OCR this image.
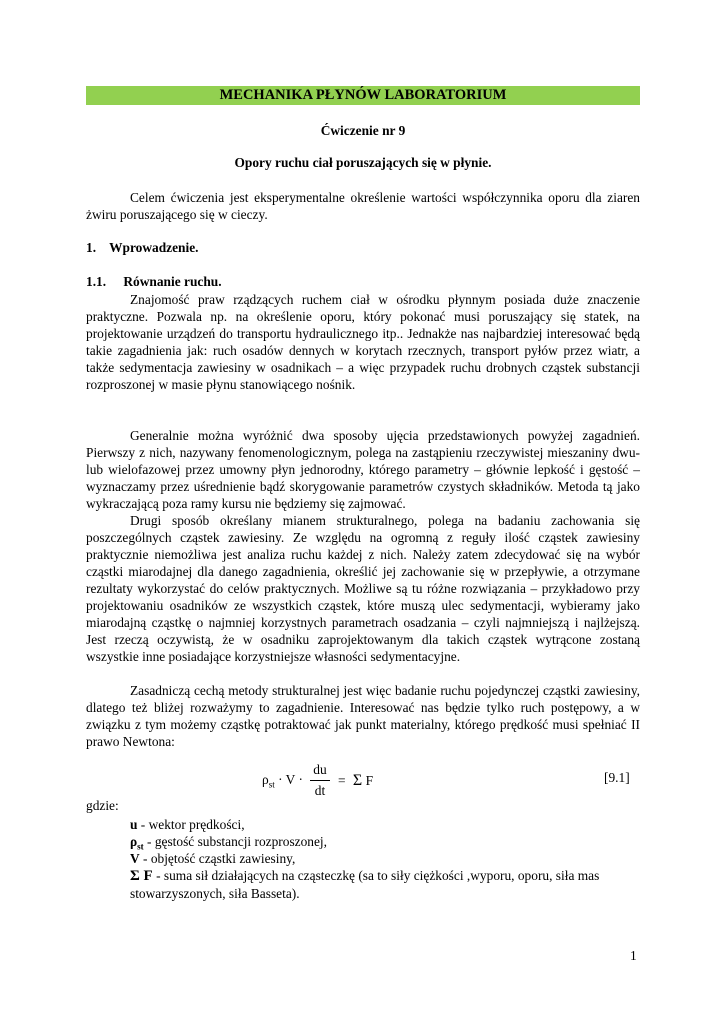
MECHANIKA PŁYNÓW LABORATORIUM
Ćwiczenie nr 9
Opory ruchu ciał poruszających się w płynie.

Celem ćwiczenia jest eksperymentalne określenie wartości współczynnika oporu dla ziaren żwiru poruszającego się w cieczy.

1. Wprowadzenie.
1.1. Równanie ruchu.

Znajomość praw rządzących ruchem ciał w ośrodku płynnym posiada duże znaczenie praktyczne. Pozwala np. na określenie oporu, który pokonać musi poruszający się statek, na projektowanie urządzeń do transportu hydraulicznego itp.. Jednakże nas najbardziej interesować będą takie zagadnienia jak: ruch osadów dennych w korytach rzecznych, transport pyłów przez wiatr, a także sedymentacja zawiesiny w osadnikach – a więc przypadek ruchu drobnych cząstek substancji rozproszonej w masie płynu stanowiącego nośnik.

Generalnie można wyróżnić dwa sposoby ujęcia przedstawionych powyżej zagadnień. Pierwszy z nich, nazywany fenomenologicznym, polega na zastąpieniu rzeczywistej mieszaniny dwu- lub wielofazowej przez umowny płyn jednorodny, którego parametry – głównie lepkość i gęstość – wyznaczamy przez uśrednienie bądź skorygowanie parametrów czystych składników. Metoda tą jako wykraczającą poza ramy kursu nie będziemy się zajmować.

Drugi sposób określany mianem strukturalnego, polega na badaniu zachowania się poszczególnych cząstek zawiesiny. Ze względu na ogromną z reguły ilość cząstek zawiesiny praktycznie niemożliwa jest analiza ruchu każdej z nich. Należy zatem zdecydować się na wybór cząstki miarodajnej dla danego zagadnienia, określić jej zachowanie się w przepływie, a otrzymane rezultaty wykorzystać do celów praktycznych. Możliwe są tu różne rozwiązania – przykładowo przy projektowaniu osadników ze wszystkich cząstek, które muszą ulec sedymentacji, wybieramy jako miarodajną cząstkę o najmniej korzystnych parametrach osadzania – czyli najmniejszą i najlżejszą. Jest rzeczą oczywistą, że w osadniku zaprojektowanym dla takich cząstek wytrącone zostaną wszystkie inne posiadające korzystniejsze własności sedymentacyjne.

Zasadniczą cechą metody strukturalnej jest więc badanie ruchu pojedynczej cząstki zawiesiny, dlatego też bliżej rozważymy to zagadnienie. Interesować nas będzie tylko ruch postępowy, a w związku z tym możemy cząstkę potraktować jak punkt materialny, którego prędkość musi spełniać II prawo Newtona:

$\rho_{st} \cdot V$ ·
du
dt
= Σ F	[9.1]
gdzie:
u - wektor prędkości,
$\rho_{st}$ - gęstość substancji rozproszonej,
V - objętość cząstki zawiesiny,
Σ F - suma sił działających na cząsteczkę (sa to siły ciężkości ,wyporu, oporu, siła mas stowarzyszonych, siła Basseta).
1
